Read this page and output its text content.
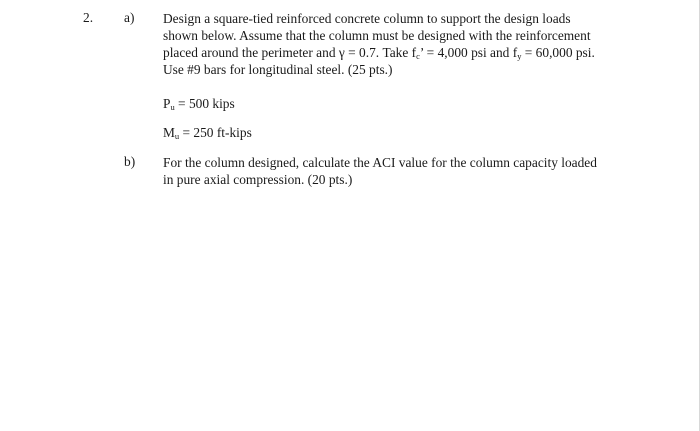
2. a) Design a square-tied reinforced concrete column to support the design loads
shown below. Assume that the column must be designed with the reinforcement
placed around the perimeter and γ = 0.7. Take $f_c$’ = 4,000 psi and $f_y = 60,000$ psi.
Use #9 bars for longitudinal steel. (25 pts.)
$P_u = 500$ kips
$M_u = 250$ ft-kips
b) For the column designed, calculate the ACI value for the column capacity loaded
in pure axial compression. (20 pts.)
